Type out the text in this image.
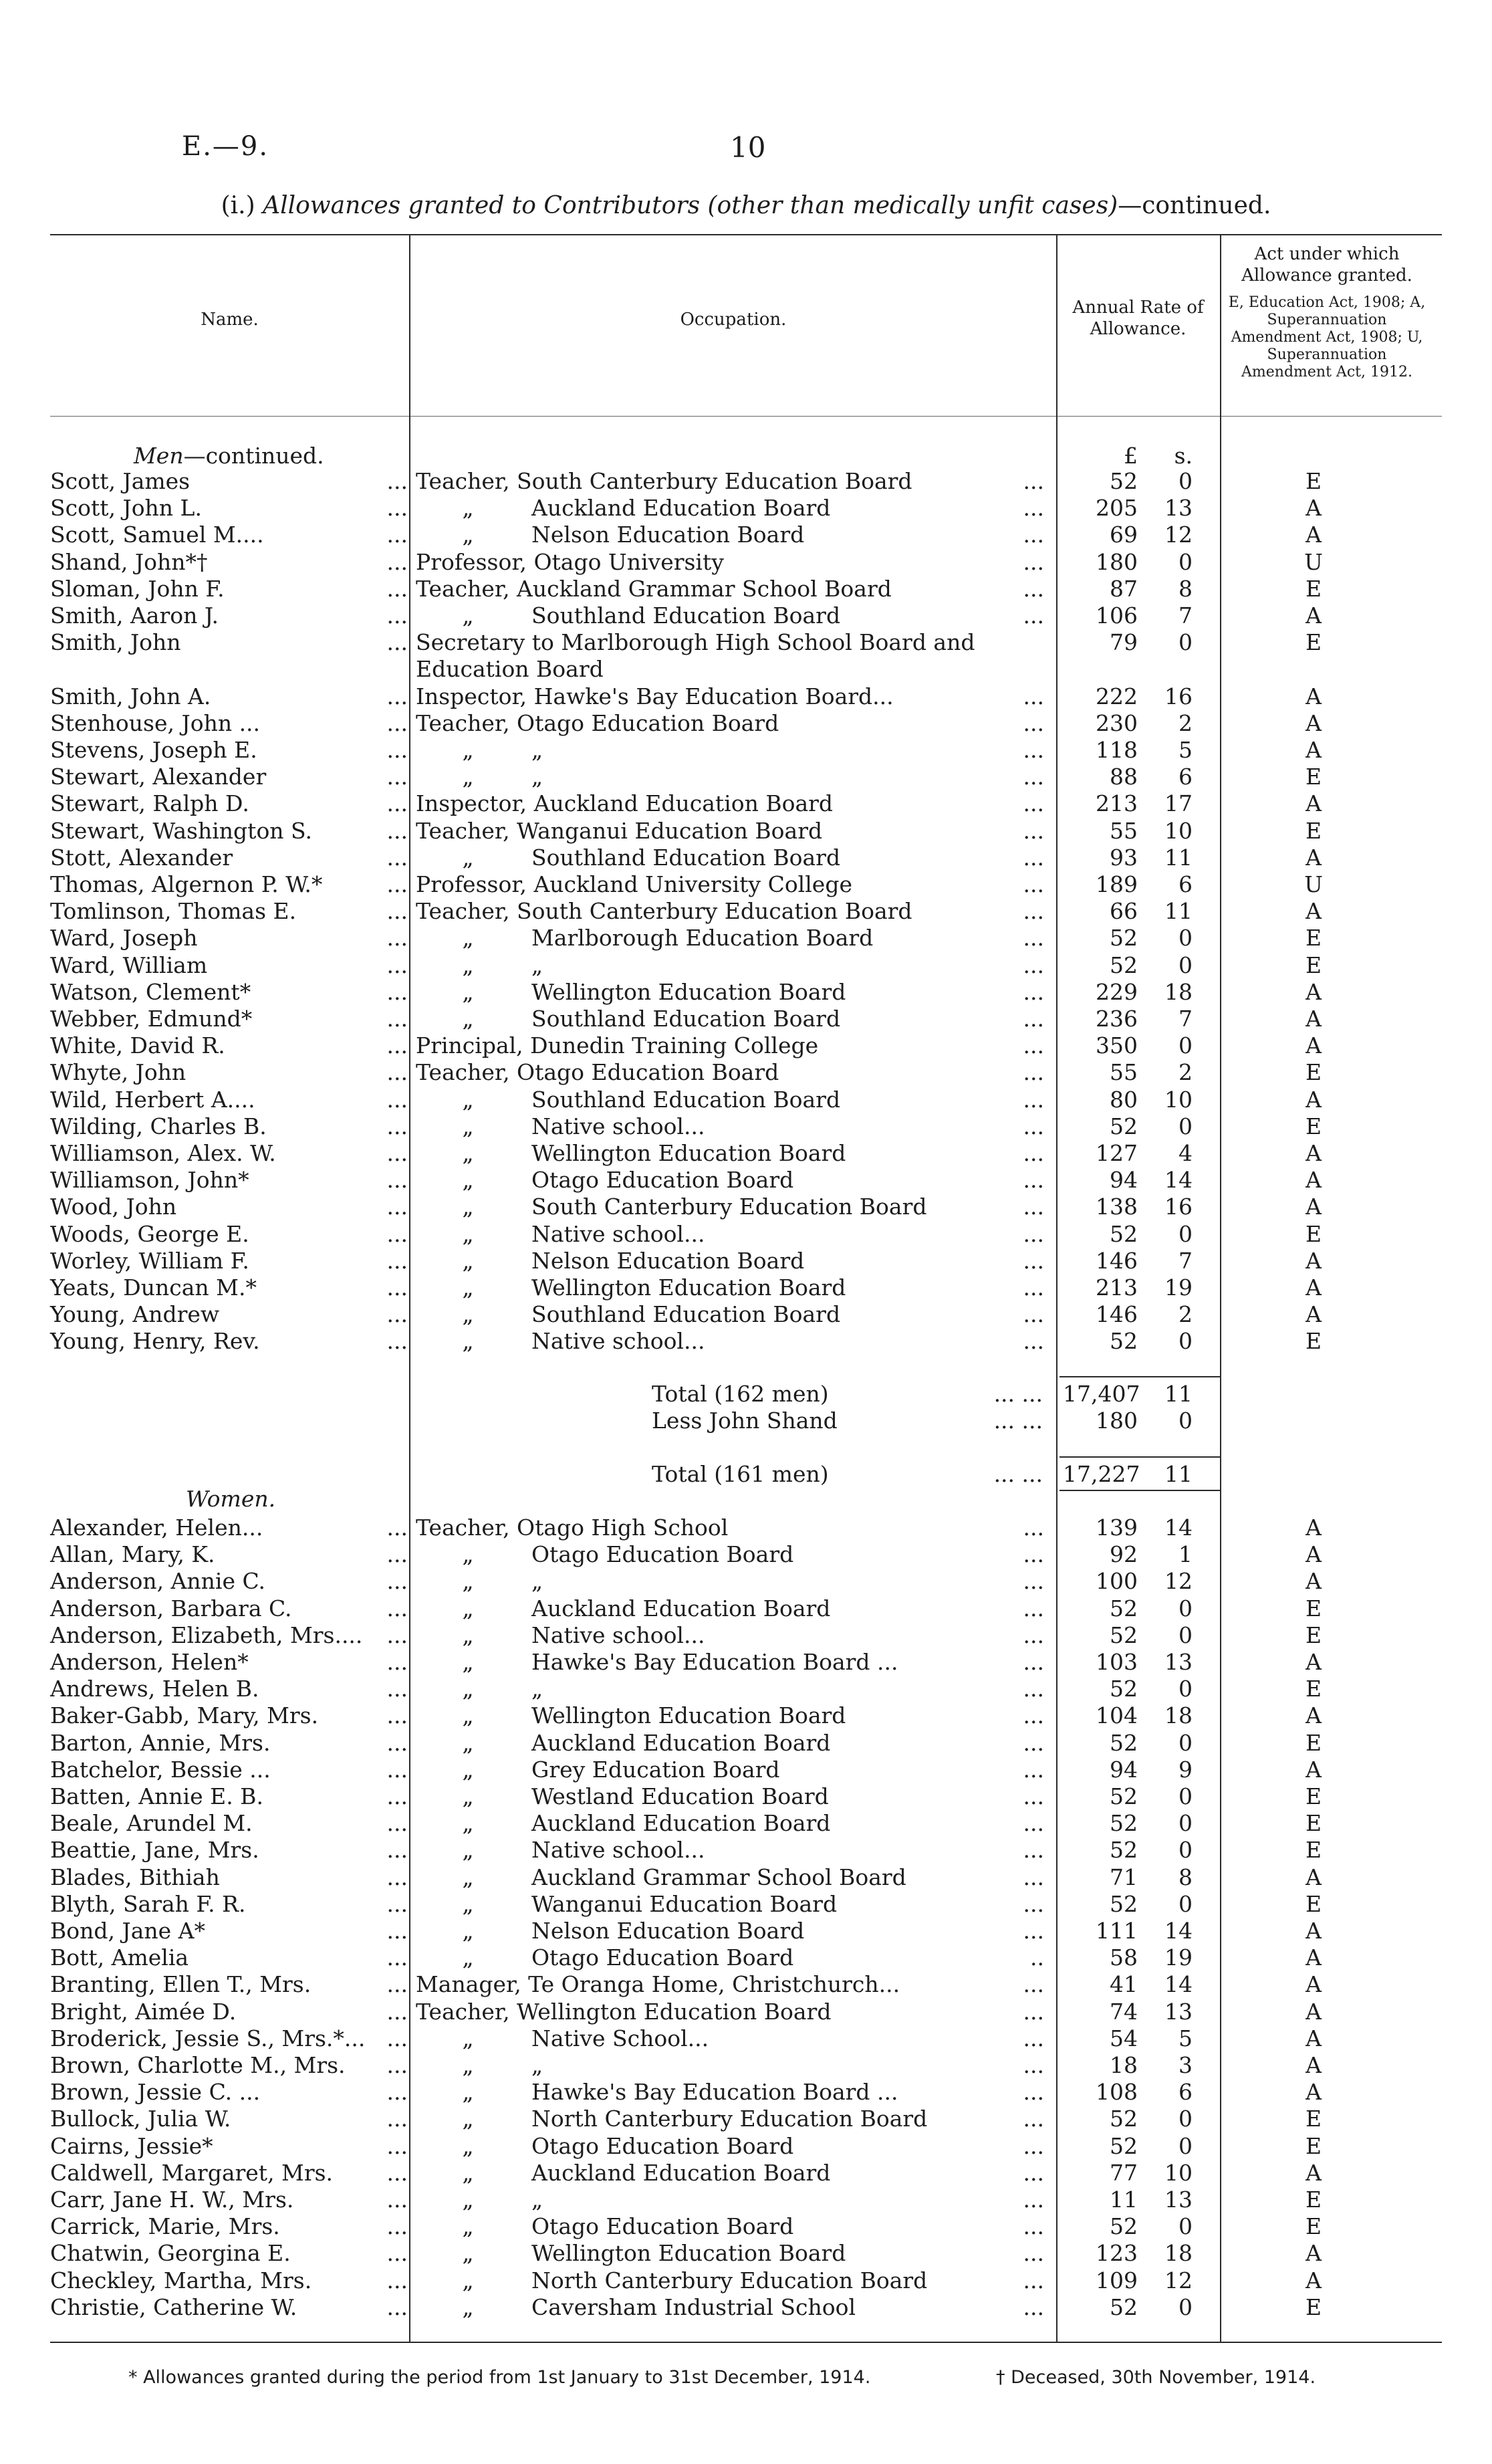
E.—9.	10
(i.) Allowances granted to Contributors (other than medically unfit cases)—continued.
Name.	Occupation.
Annual Rate of Allowance.
Act under which Allowance granted.
E, Education Act, 1908; A, Superannuation Amendment Act, 1908; U, Superannuation Amendment Act, 1912.
Men—continued.	£	s.
Scott, James	... Teacher, South Canterbury Education Board	...	52	0	E
Scott, John L.	...	„	Auckland Education Board	...	205	13	A
Scott, Samuel M....	...	„	Nelson Education Board	...	69	12	A
Shand, John*†	... Professor, Otago University	...	180	0	U
Sloman, John F.	... Teacher, Auckland Grammar School Board	...	87	8	E
Smith, Aaron J.	...	„	Southland Education Board	...	106	7	A
Smith, John	... Secretary to Marlborough High School Board and	79	0	E
Education Board
Smith, John A.	... Inspector, Hawke's Bay Education Board...	...	222	16	A
Stenhouse, John ...	... Teacher, Otago Education Board	...	230	2	A
Stevens, Joseph E.	...	„	„	...	118	5	A
Stewart, Alexander	...	„	„	...	88	6	E
Stewart, Ralph D.	... Inspector, Auckland Education Board	...	213	17	A
Stewart, Washington S.	... Teacher, Wanganui Education Board	...	55	10	E
Stott, Alexander	...	„	Southland Education Board	...	93	11	A
Thomas, Algernon P. W.*	... Professor, Auckland University College	...	189	6	U
Tomlinson, Thomas E.	... Teacher, South Canterbury Education Board	...	66	11	A
Ward, Joseph	...	„	Marlborough Education Board	...	52	0	E
Ward, William	...	„	„	...	52	0	E
Watson, Clement*	...	„	Wellington Education Board	...	229	18	A
Webber, Edmund*	...	„	Southland Education Board	...	236	7	A
White, David R.	... Principal, Dunedin Training College	...	350	0	A
Whyte, John	... Teacher, Otago Education Board	...	55	2	E
Wild, Herbert A....	...	„	Southland Education Board	...	80	10	A
Wilding, Charles B.	...	„	Native school...	...	52	0	E
Williamson, Alex. W.	...	„	Wellington Education Board	...	127	4	A
Williamson, John*	...	„	Otago Education Board	...	94	14	A
Wood, John	...	„	South Canterbury Education Board	...	138	16	A
Woods, George E.	...	„	Native school...	...	52	0	E
Worley, William F.	...	„	Nelson Education Board	...	146	7	A
Yeats, Duncan M.*	...	„	Wellington Education Board	...	213	19	A
Young, Andrew	...	„	Southland Education Board	...	146	2	A
Young, Henry, Rev.	...	„	Native school...	...	52	0	E
Total (162 men)	... ... 17,407	11
Less John Shand	... ...	180	0
Total (161 men)	... ... 17,227	11
Women.
Alexander, Helen...	... Teacher, Otago High School	...	139	14	A
Allan, Mary, K.	...	„	Otago Education Board	...	92	1	A
Anderson, Annie C.	...	„	„	...	100	12	A
Anderson, Barbara C.	...	„	Auckland Education Board	...	52	0	E
Anderson, Elizabeth, Mrs....	...	„	Native school...	...	52	0	E
Anderson, Helen*	...	„	Hawke's Bay Education Board ...	...	103	13	A
Andrews, Helen B.	...	„	„	...	52	0	E
Baker-Gabb, Mary, Mrs.	...	„	Wellington Education Board	...	104	18	A
Barton, Annie, Mrs.	...	„	Auckland Education Board	...	52	0	E
Batchelor, Bessie ...	...	„	Grey Education Board	...	94	9	A
Batten, Annie E. B.	...	„	Westland Education Board	...	52	0	E
Beale, Arundel M.	...	„	Auckland Education Board	...	52	0	E
Beattie, Jane, Mrs.	...	„	Native school...	...	52	0	E
Blades, Bithiah	...	„	Auckland Grammar School Board	...	71	8	A
Blyth, Sarah F. R.	...	„	Wanganui Education Board	...	52	0	E
Bond, Jane A*	...	„	Nelson Education Board	...	111	14	A
Bott, Amelia	...	„	Otago Education Board	..	58	19	A
Branting, Ellen T., Mrs.	... Manager, Te Oranga Home, Christchurch...	...	41	14	A
Bright, Aimée D.	... Teacher, Wellington Education Board	...	74	13	A
Broderick, Jessie S., Mrs.*... ...	„	Native School...	...	54	5	A
Brown, Charlotte M., Mrs.	...	„	„	...	18	3	A
Brown, Jessie C. ...	...	„	Hawke's Bay Education Board ...	...	108	6	A
Bullock, Julia W.	...	„	North Canterbury Education Board	...	52	0	E
Cairns, Jessie*	...	„	Otago Education Board	...	52	0	E
Caldwell, Margaret, Mrs.	...	„	Auckland Education Board	...	77	10	A
Carr, Jane H. W., Mrs.	...	„	„	...	11	13	E
Carrick, Marie, Mrs.	...	„	Otago Education Board	...	52	0	E
Chatwin, Georgina E.	...	„	Wellington Education Board	...	123	18	A
Checkley, Martha, Mrs.	...	„	North Canterbury Education Board	...	109	12	A
Christie, Catherine W.	...	„	Caversham Industrial School	...	52	0	E
* Allowances granted during the period from 1st January to 31st December, 1914.	† Deceased, 30th November, 1914.
